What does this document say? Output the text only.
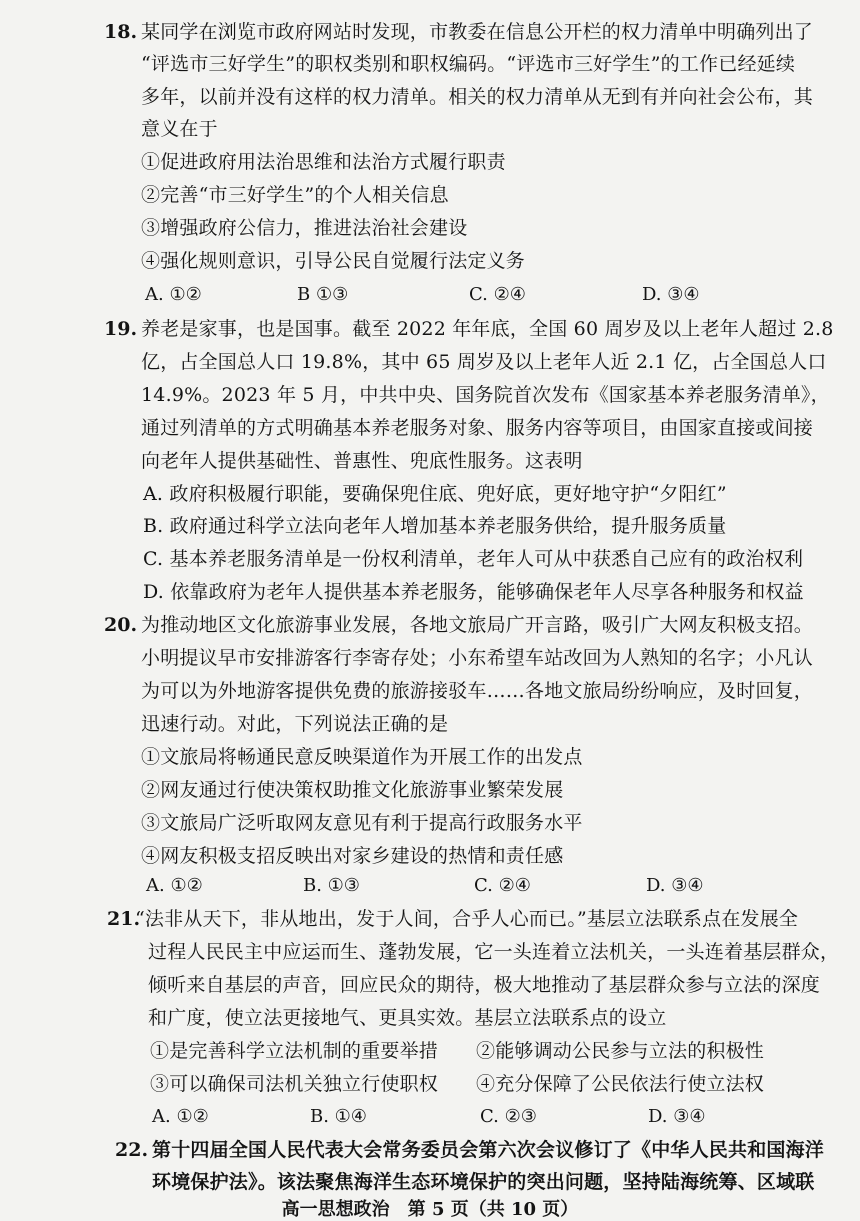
18. 某同学在浏览市政府网站时发现，市教委在信息公开栏的权力清单中明确列出了
“评选市三好学生”的职权类别和职权编码。“评选市三好学生”的工作已经延续
多年，以前并没有这样的权力清单。相关的权力清单从无到有并向社会公布，其
意义在于
①促进政府用法治思维和法治方式履行职责
②完善“市三好学生”的个人相关信息
③增强政府公信力，推进法治社会建设
④强化规则意识，引导公民自觉履行法定义务
A. ①②	B ①③	C. ②④	D. ③④
19. 养老是家事，也是国事。截至 2022 年年底，全国 60 周岁及以上老年人超过 2.8
亿，占全国总人口 19.8%，其中 65 周岁及以上老年人近 2.1 亿，占全国总人口
14.9%。2023 年 5 月，中共中央、国务院首次发布《国家基本养老服务清单》，
通过列清单的方式明确基本养老服务对象、服务内容等项目，由国家直接或间接
向老年人提供基础性、普惠性、兜底性服务。这表明
A. 政府积极履行职能，要确保兜住底、兜好底，更好地守护“夕阳红”
B. 政府通过科学立法向老年人增加基本养老服务供给，提升服务质量
C. 基本养老服务清单是一份权利清单，老年人可从中获悉自己应有的政治权利
D. 依靠政府为老年人提供基本养老服务，能够确保老年人尽享各种服务和权益
20. 为推动地区文化旅游事业发展，各地文旅局广开言路，吸引广大网友积极支招。
小明提议早市安排游客行李寄存处；小东希望车站改回为人熟知的名字；小凡认
为可以为外地游客提供免费的旅游接驳车……各地文旅局纷纷响应，及时回复，
迅速行动。对此，下列说法正确的是
①文旅局将畅通民意反映渠道作为开展工作的出发点
②网友通过行使决策权助推文化旅游事业繁荣发展
③文旅局广泛听取网友意见有利于提高行政服务水平
④网友积极支招反映出对家乡建设的热情和责任感
A. ①②	B. ①③	C. ②④	D. ③④
21.
“法非从天下，非从地出，发于人间，合乎人心而已。”基层立法联系点在发展全
过程人民民主中应运而生、蓬勃发展，它一头连着立法机关，一头连着基层群众，
倾听来自基层的声音，回应民众的期待，极大地推动了基层群众参与立法的深度
和广度，使立法更接地气、更具实效。基层立法联系点的设立
①是完善科学立法机制的重要举措 ②能够调动公民参与立法的积极性
③可以确保司法机关独立行使职权 ④充分保障了公民依法行使立法权
A. ①②	B. ①④	C. ②③	D. ③④
22. 第十四届全国人民代表大会常务委员会第六次会议修订了《中华人民共和国海洋
环境保护法》。该法聚焦海洋生态环境保护的突出问题，坚持陆海统筹、区域联
高一思想政治　第 5 页（共 10 页）
